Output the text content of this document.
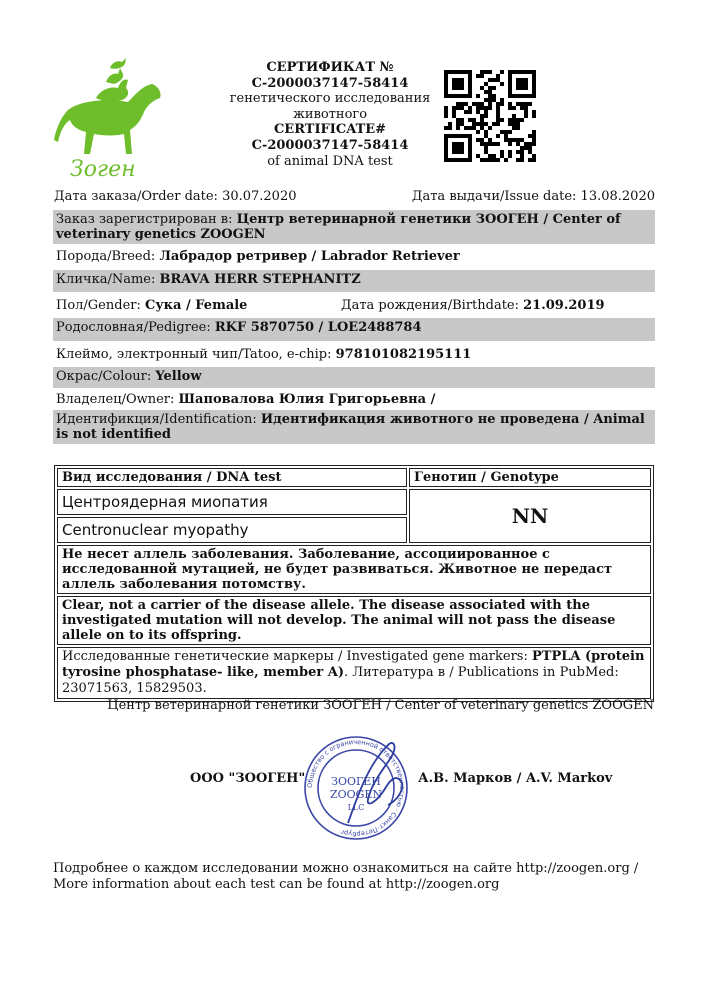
Зоген
СЕРТИФИКАТ №
C-2000037147-58414
генетического исследования
животного
CERTIFICATE#
C-2000037147-58414
of animal DNA test
Дата заказа/Order date: 30.07.2020	Дата выдачи/Issue date: 13.08.2020
Заказ зарегистрирован в: Центр ветеринарной генетики ЗООГЕН / Center of veterinary genetics ZOOGEN
Порода/Breed: Лабрадор ретривер / Labrador Retriever
Кличка/Name: BRAVA HERR STEPHANITZ
Пол/Gender: Сука / Female	Дата рождения/Birthdate: 21.09.2019
Родословная/Pedigree: RKF 5870750 / LOE2488784
Клеймо, электронный чип/Tatoo, e-chip: 978101082195111
Окрас/Colour: Yellow
Владелец/Owner: Шаповалова Юлия Григорьевна /
Идентификция/Identification: Идентификация животного не проведена / Animal is not identified
Вид исследования / DNA test	Генотип / Genotype
Центроядерная миопатия	NN
Centronuclear myopathy	
Не несет аллель заболевания. Заболевание, ассоциированное с исследованной мутацией, не будет развиваться. Животное не передаст аллель заболевания потомству.	
Clear, not a carrier of the disease allele. The disease associated with the investigated mutation will not develop. The animal will not pass the disease allele on to its offspring.	
Исследованные генетические маркеры / Investigated gene markers: PTPLA (protein tyrosine phosphatase- like, member A). Литература в / Publications in PubMed: 23071563, 15829503.	
Центр ветеринарной генетики ЗООГЕН / Center of veterinary genetics ZOOGEN
ООО "ЗООГЕН"	А.В. Марков / A.V. Markov
Общество с ограниченной ответственностью · Санкт-Петербург
ЗООГЕН
ZOOGEN
LLC
Подробнее о каждом исследовании можно ознакомиться на сайте http://zoogen.org / More information about each test can be found at http://zoogen.org
